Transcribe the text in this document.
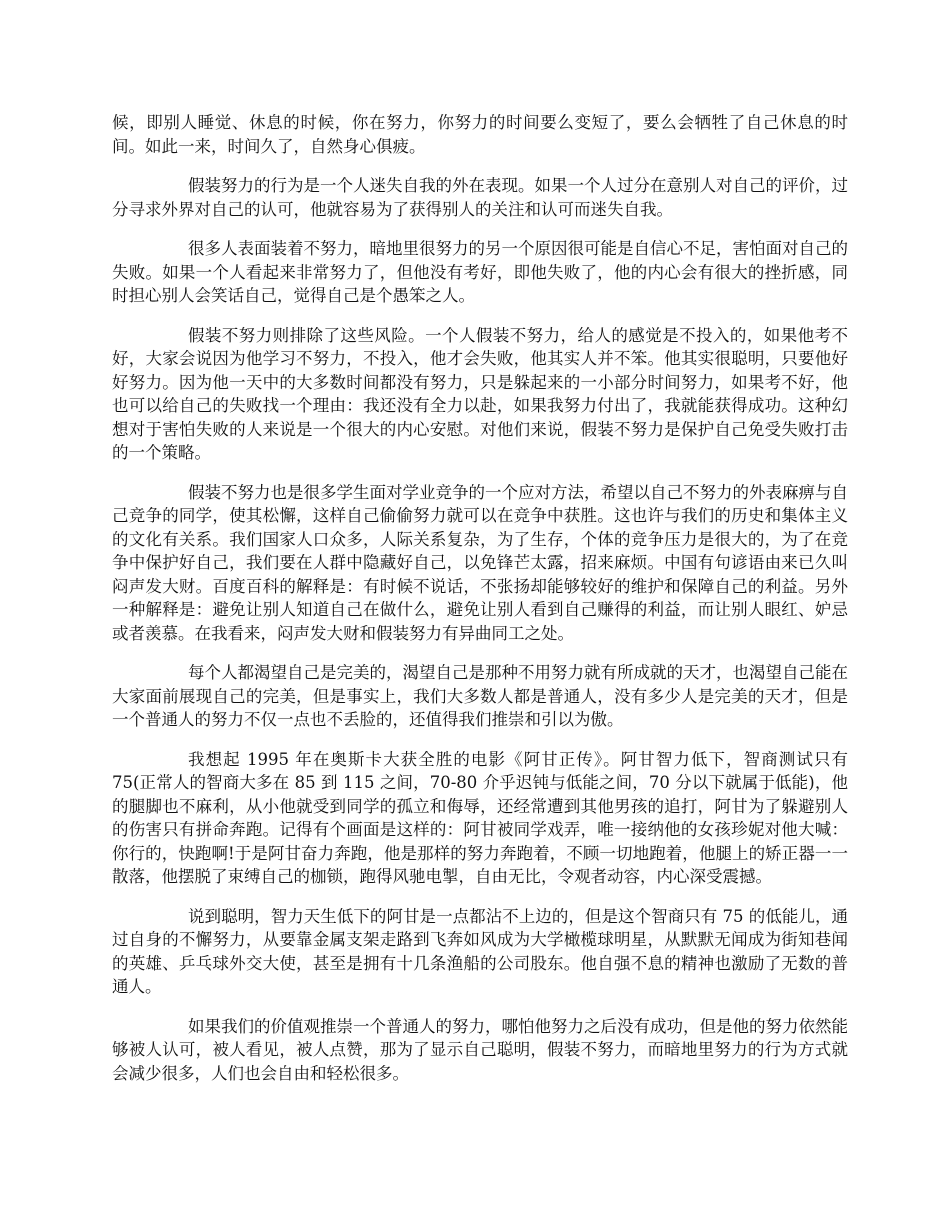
候，即别人睡觉、休息的时候，你在努力，你努力的时间要么变短了，要么会牺牲了自己休息的时间。如此一来，时间久了，自然身心俱疲。

假装努力的行为是一个人迷失自我的外在表现。如果一个人过分在意别人对自己的评价，过分寻求外界对自己的认可，他就容易为了获得别人的关注和认可而迷失自我。

很多人表面装着不努力，暗地里很努力的另一个原因很可能是自信心不足，害怕面对自己的失败。如果一个人看起来非常努力了，但他没有考好，即他失败了，他的内心会有很大的挫折感，同时担心别人会笑话自己，觉得自己是个愚笨之人。

假装不努力则排除了这些风险。一个人假装不努力，给人的感觉是不投入的，如果他考不好，大家会说因为他学习不努力，不投入，他才会失败，他其实人并不笨。他其实很聪明，只要他好好努力。因为他一天中的大多数时间都没有努力，只是躲起来的一小部分时间努力，如果考不好，他也可以给自己的失败找一个理由：我还没有全力以赴，如果我努力付出了，我就能获得成功。这种幻想对于害怕失败的人来说是一个很大的内心安慰。对他们来说，假装不努力是保护自己免受失败打击的一个策略。

假装不努力也是很多学生面对学业竞争的一个应对方法，希望以自己不努力的外表麻痹与自己竞争的同学，使其松懈，这样自己偷偷努力就可以在竞争中获胜。这也许与我们的历史和集体主义的文化有关系。我们国家人口众多，人际关系复杂，为了生存，个体的竞争压力是很大的，为了在竞争中保护好自己，我们要在人群中隐藏好自己，以免锋芒太露，招来麻烦。中国有句谚语由来已久叫闷声发大财。百度百科的解释是：有时候不说话，不张扬却能够较好的维护和保障自己的利益。另外一种解释是：避免让别人知道自己在做什么，避免让别人看到自己赚得的利益，而让别人眼红、妒忌或者羡慕。在我看来，闷声发大财和假装努力有异曲同工之处。

每个人都渴望自己是完美的，渴望自己是那种不用努力就有所成就的天才，也渴望自己能在大家面前展现自己的完美，但是事实上，我们大多数人都是普通人，没有多少人是完美的天才，但是一个普通人的努力不仅一点也不丢脸的，还值得我们推崇和引以为傲。

我想起 1995 年在奥斯卡大获全胜的电影《阿甘正传》。阿甘智力低下，智商测试只有 75(正常人的智商大多在 85 到 115 之间，70-80 介乎迟钝与低能之间，70 分以下就属于低能)，他的腿脚也不麻利，从小他就受到同学的孤立和侮辱，还经常遭到其他男孩的追打，阿甘为了躲避别人的伤害只有拼命奔跑。记得有个画面是这样的：阿甘被同学戏弄，唯一接纳他的女孩珍妮对他大喊：你行的，快跑啊!于是阿甘奋力奔跑，他是那样的努力奔跑着，不顾一切地跑着，他腿上的矫正器一一散落，他摆脱了束缚自己的枷锁，跑得风驰电掣，自由无比，令观者动容，内心深受震撼。

说到聪明，智力天生低下的阿甘是一点都沾不上边的，但是这个智商只有 75 的低能儿，通过自身的不懈努力，从要靠金属支架走路到飞奔如风成为大学橄榄球明星，从默默无闻成为街知巷闻的英雄、乒乓球外交大使，甚至是拥有十几条渔船的公司股东。他自强不息的精神也激励了无数的普通人。

如果我们的价值观推崇一个普通人的努力，哪怕他努力之后没有成功，但是他的努力依然能够被人认可，被人看见，被人点赞，那为了显示自己聪明，假装不努力，而暗地里努力的行为方式就会减少很多，人们也会自由和轻松很多。
